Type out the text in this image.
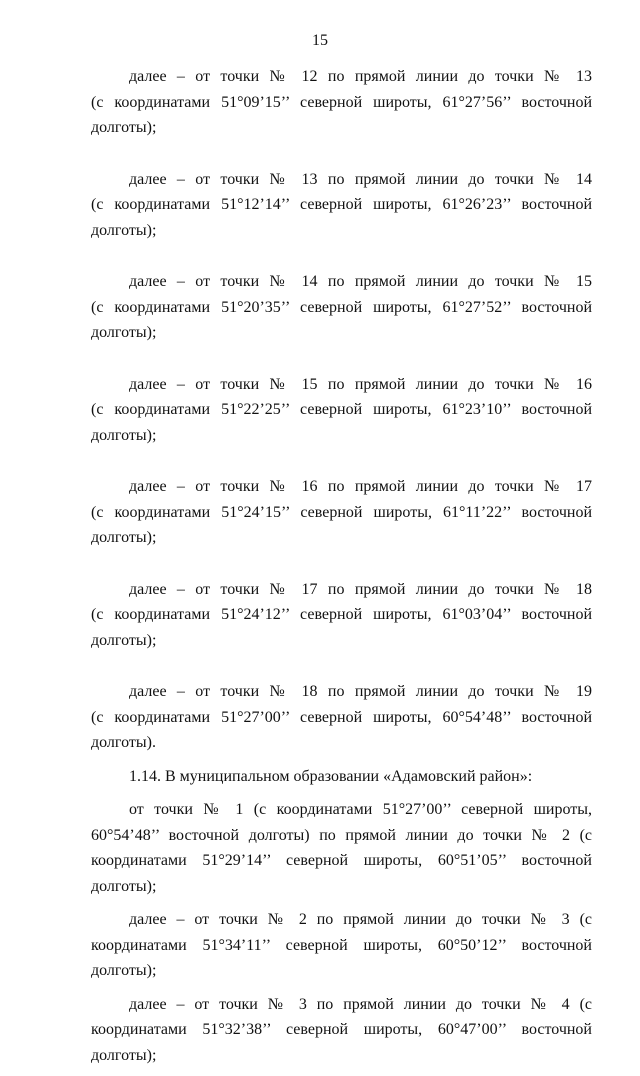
15
далее – от точки № 12 по прямой линии до точки № 13
(с координатами 51°09’15’’ северной широты, 61°27’56’’ восточной
долготы);
далее – от точки № 13 по прямой линии до точки № 14
(с координатами 51°12’14’’ северной широты, 61°26’23’’ восточной
долготы);
далее – от точки № 14 по прямой линии до точки № 15
(с координатами 51°20’35’’ северной широты, 61°27’52’’ восточной
долготы);
далее – от точки № 15 по прямой линии до точки № 16
(с координатами 51°22’25’’ северной широты, 61°23’10’’ восточной
долготы);
далее – от точки № 16 по прямой линии до точки № 17
(с координатами 51°24’15’’ северной широты, 61°11’22’’ восточной
долготы);
далее – от точки № 17 по прямой линии до точки № 18
(с координатами 51°24’12’’ северной широты, 61°03’04’’ восточной
долготы);
далее – от точки № 18 по прямой линии до точки № 19
(с координатами 51°27’00’’ северной широты, 60°54’48’’ восточной
долготы).
1.14. В муниципальном образовании «Адамовский район»:

от точки № 1 (с координатами 51°27’00’’ северной широты, 60°54’48’’ восточной долготы) по прямой линии до точки № 2 (с координатами 51°29’14’’ северной широты, 60°51’05’’ восточной долготы);

далее – от точки № 2 по прямой линии до точки № 3 (с координатами 51°34’11’’ северной широты, 60°50’12’’ восточной долготы);

далее – от точки № 3 по прямой линии до точки № 4 (с координатами 51°32’38’’ северной широты, 60°47’00’’ восточной долготы);
